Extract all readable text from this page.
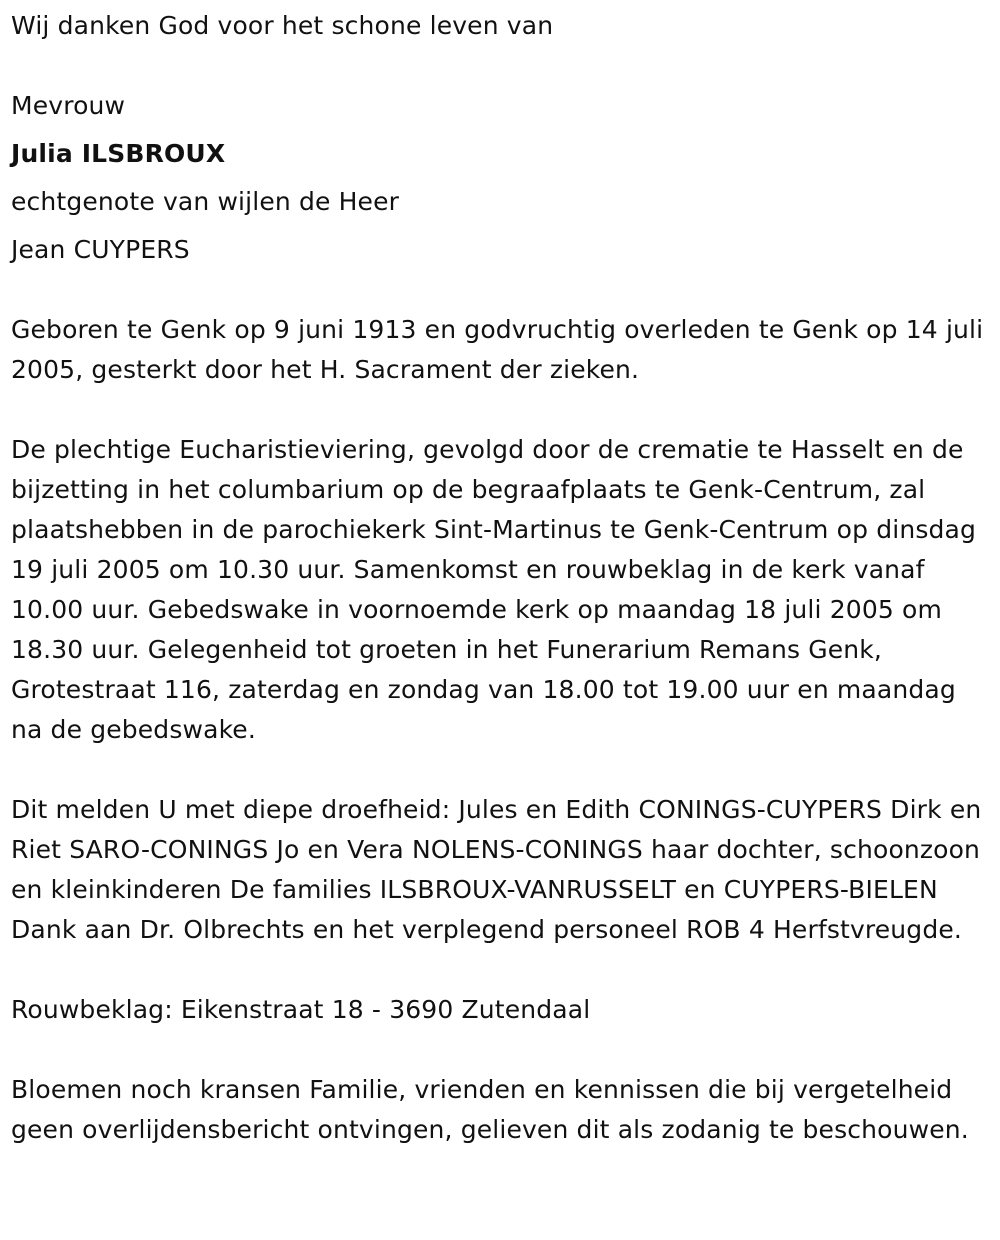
Wij danken God voor het schone leven van

Mevrouw

Julia ILSBROUX

echtgenote van wijlen de Heer

Jean CUYPERS

Geboren te Genk op 9 juni 1913 en godvruchtig overleden te Genk op 14 juli 2005, gesterkt door het H. Sacrament der zieken.

De plechtige Eucharistieviering, gevolgd door de crematie te Hasselt en de bijzetting in het columbarium op de begraafplaats te Genk-Centrum, zal plaatshebben in de parochiekerk Sint-Martinus te Genk-Centrum op dinsdag 19 juli 2005 om 10.30 uur. Samenkomst en rouwbeklag in de kerk vanaf 10.00 uur. Gebedswake in voornoemde kerk op maandag 18 juli 2005 om 18.30 uur. Gelegenheid tot groeten in het Funerarium Remans Genk, Grotestraat 116, zaterdag en zondag van 18.00 tot 19.00 uur en maandag na de gebedswake.

Dit melden U met diepe droefheid: Jules en Edith CONINGS-CUYPERS Dirk en Riet SARO-CONINGS Jo en Vera NOLENS-CONINGS haar dochter, schoonzoon en kleinkinderen De families ILSBROUX-VANRUSSELT en CUYPERS-BIELEN Dank aan Dr. Olbrechts en het verplegend personeel ROB 4 Herfstvreugde.

Rouwbeklag: Eikenstraat 18 - 3690 Zutendaal

Bloemen noch kransen Familie, vrienden en kennissen die bij vergetelheid geen overlijdensbericht ontvingen, gelieven dit als zodanig te beschouwen.
